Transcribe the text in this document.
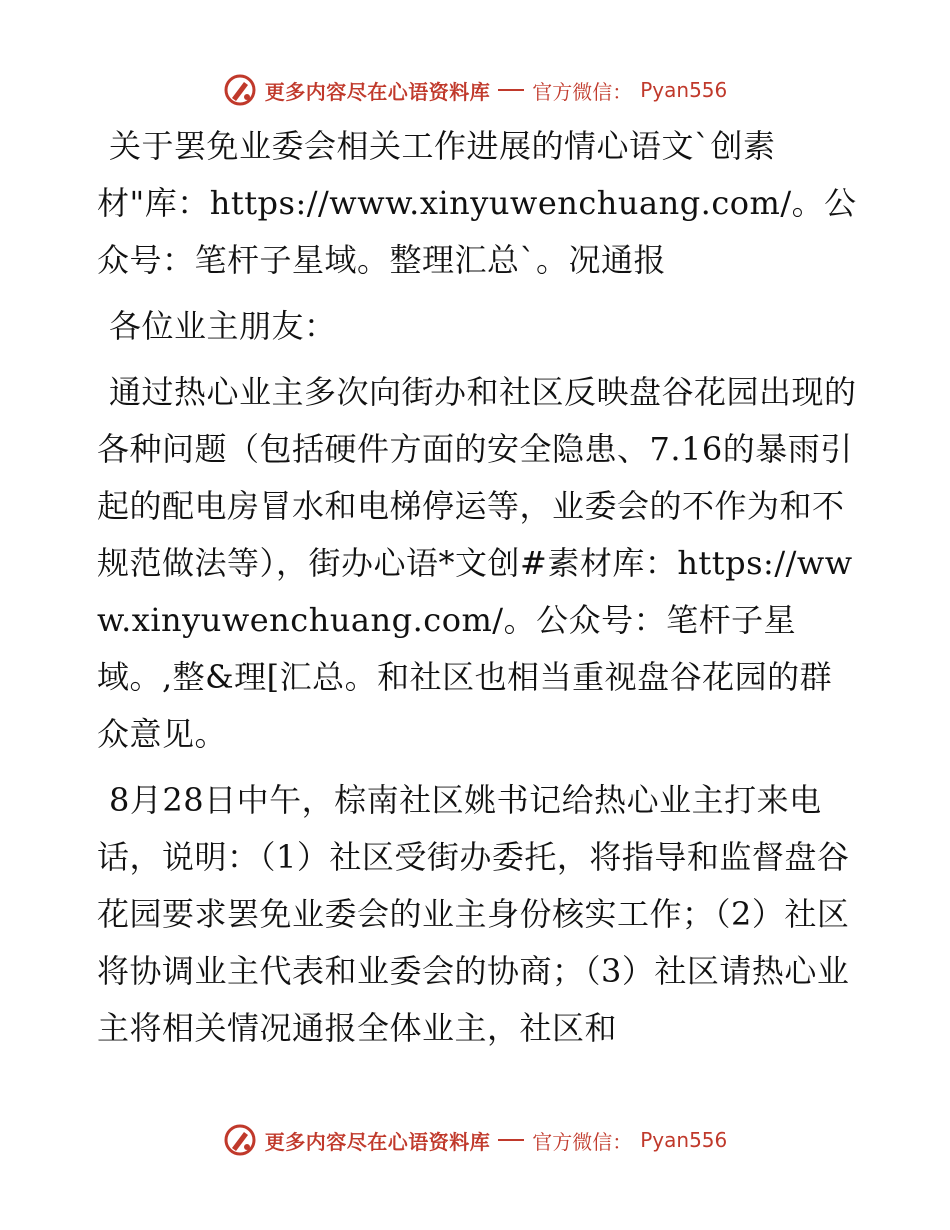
更多内容尽在心语资料库 官方微信： Pyan556

关于罢免业委会相关工作进展的情心语文`创素材"库：https://www.xinyuwenchuang.com/。公众号：笔杆子星域。整理汇总`。况通报

各位业主朋友：

通过热心业主多次向街办和社区反映盘谷花园出现的各种问题（包括硬件方面的安全隐患、7.16的暴雨引起的配电房冒水和电梯停运等，业委会的不作为和不规范做法等），街办心语*文创#素材库：https://www.xinyuwenchuang.com/。公众号：笔杆子星域。,整&理[汇总。和社区也相当重视盘谷花园的群众意见。

8月28日中午，棕南社区姚书记给热心业主打来电话，说明：（1）社区受街办委托，将指导和监督盘谷花园要求罢免业委会的业主身份核实工作；（2）社区将协调业主代表和业委会的协商；（3）社区请热心业主将相关情况通报全体业主，社区和

更多内容尽在心语资料库 官方微信： Pyan556
